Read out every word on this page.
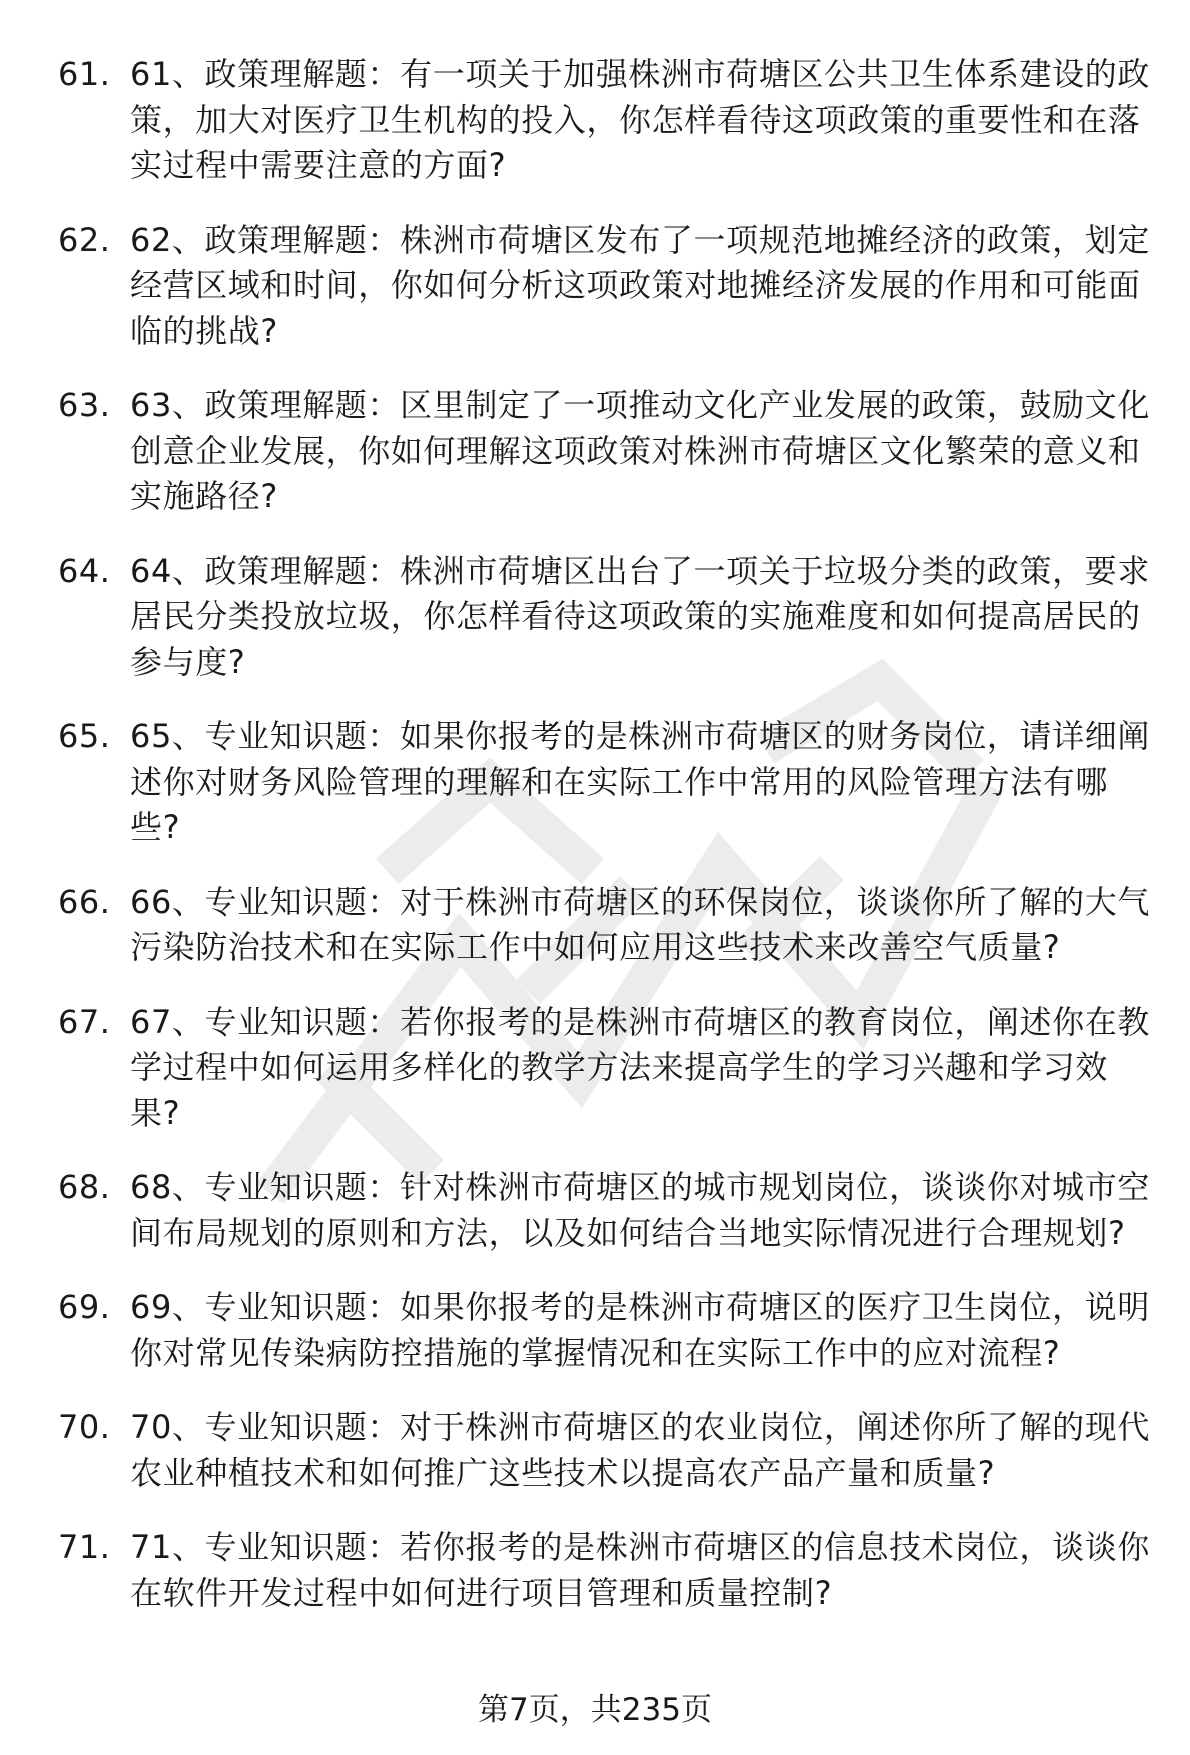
61. 61、政策理解题：有一项关于加强株洲市荷塘区公共卫生体系建设的政策，加大对医疗卫生机构的投入，你怎样看待这项政策的重要性和在落实过程中需要注意的方面?
62. 62、政策理解题：株洲市荷塘区发布了一项规范地摊经济的政策，划定经营区域和时间，你如何分析这项政策对地摊经济发展的作用和可能面临的挑战?
63. 63、政策理解题：区里制定了一项推动文化产业发展的政策，鼓励文化创意企业发展，你如何理解这项政策对株洲市荷塘区文化繁荣的意义和实施路径?
64. 64、政策理解题：株洲市荷塘区出台了一项关于垃圾分类的政策，要求居民分类投放垃圾，你怎样看待这项政策的实施难度和如何提高居民的参与度?
65. 65、专业知识题：如果你报考的是株洲市荷塘区的财务岗位，请详细阐述你对财务风险管理的理解和在实际工作中常用的风险管理方法有哪些?
66. 66、专业知识题：对于株洲市荷塘区的环保岗位，谈谈你所了解的大气污染防治技术和在实际工作中如何应用这些技术来改善空气质量?
67. 67、专业知识题：若你报考的是株洲市荷塘区的教育岗位，阐述你在教学过程中如何运用多样化的教学方法来提高学生的学习兴趣和学习效果?
68. 68、专业知识题：针对株洲市荷塘区的城市规划岗位，谈谈你对城市空间布局规划的原则和方法，以及如何结合当地实际情况进行合理规划?
69. 69、专业知识题：如果你报考的是株洲市荷塘区的医疗卫生岗位，说明你对常见传染病防控措施的掌握情况和在实际工作中的应对流程?
70. 70、专业知识题：对于株洲市荷塘区的农业岗位，阐述你所了解的现代农业种植技术和如何推广这些技术以提高农产品产量和质量?
71. 71、专业知识题：若你报考的是株洲市荷塘区的信息技术岗位，谈谈你在软件开发过程中如何进行项目管理和质量控制?
第7页，共235页
